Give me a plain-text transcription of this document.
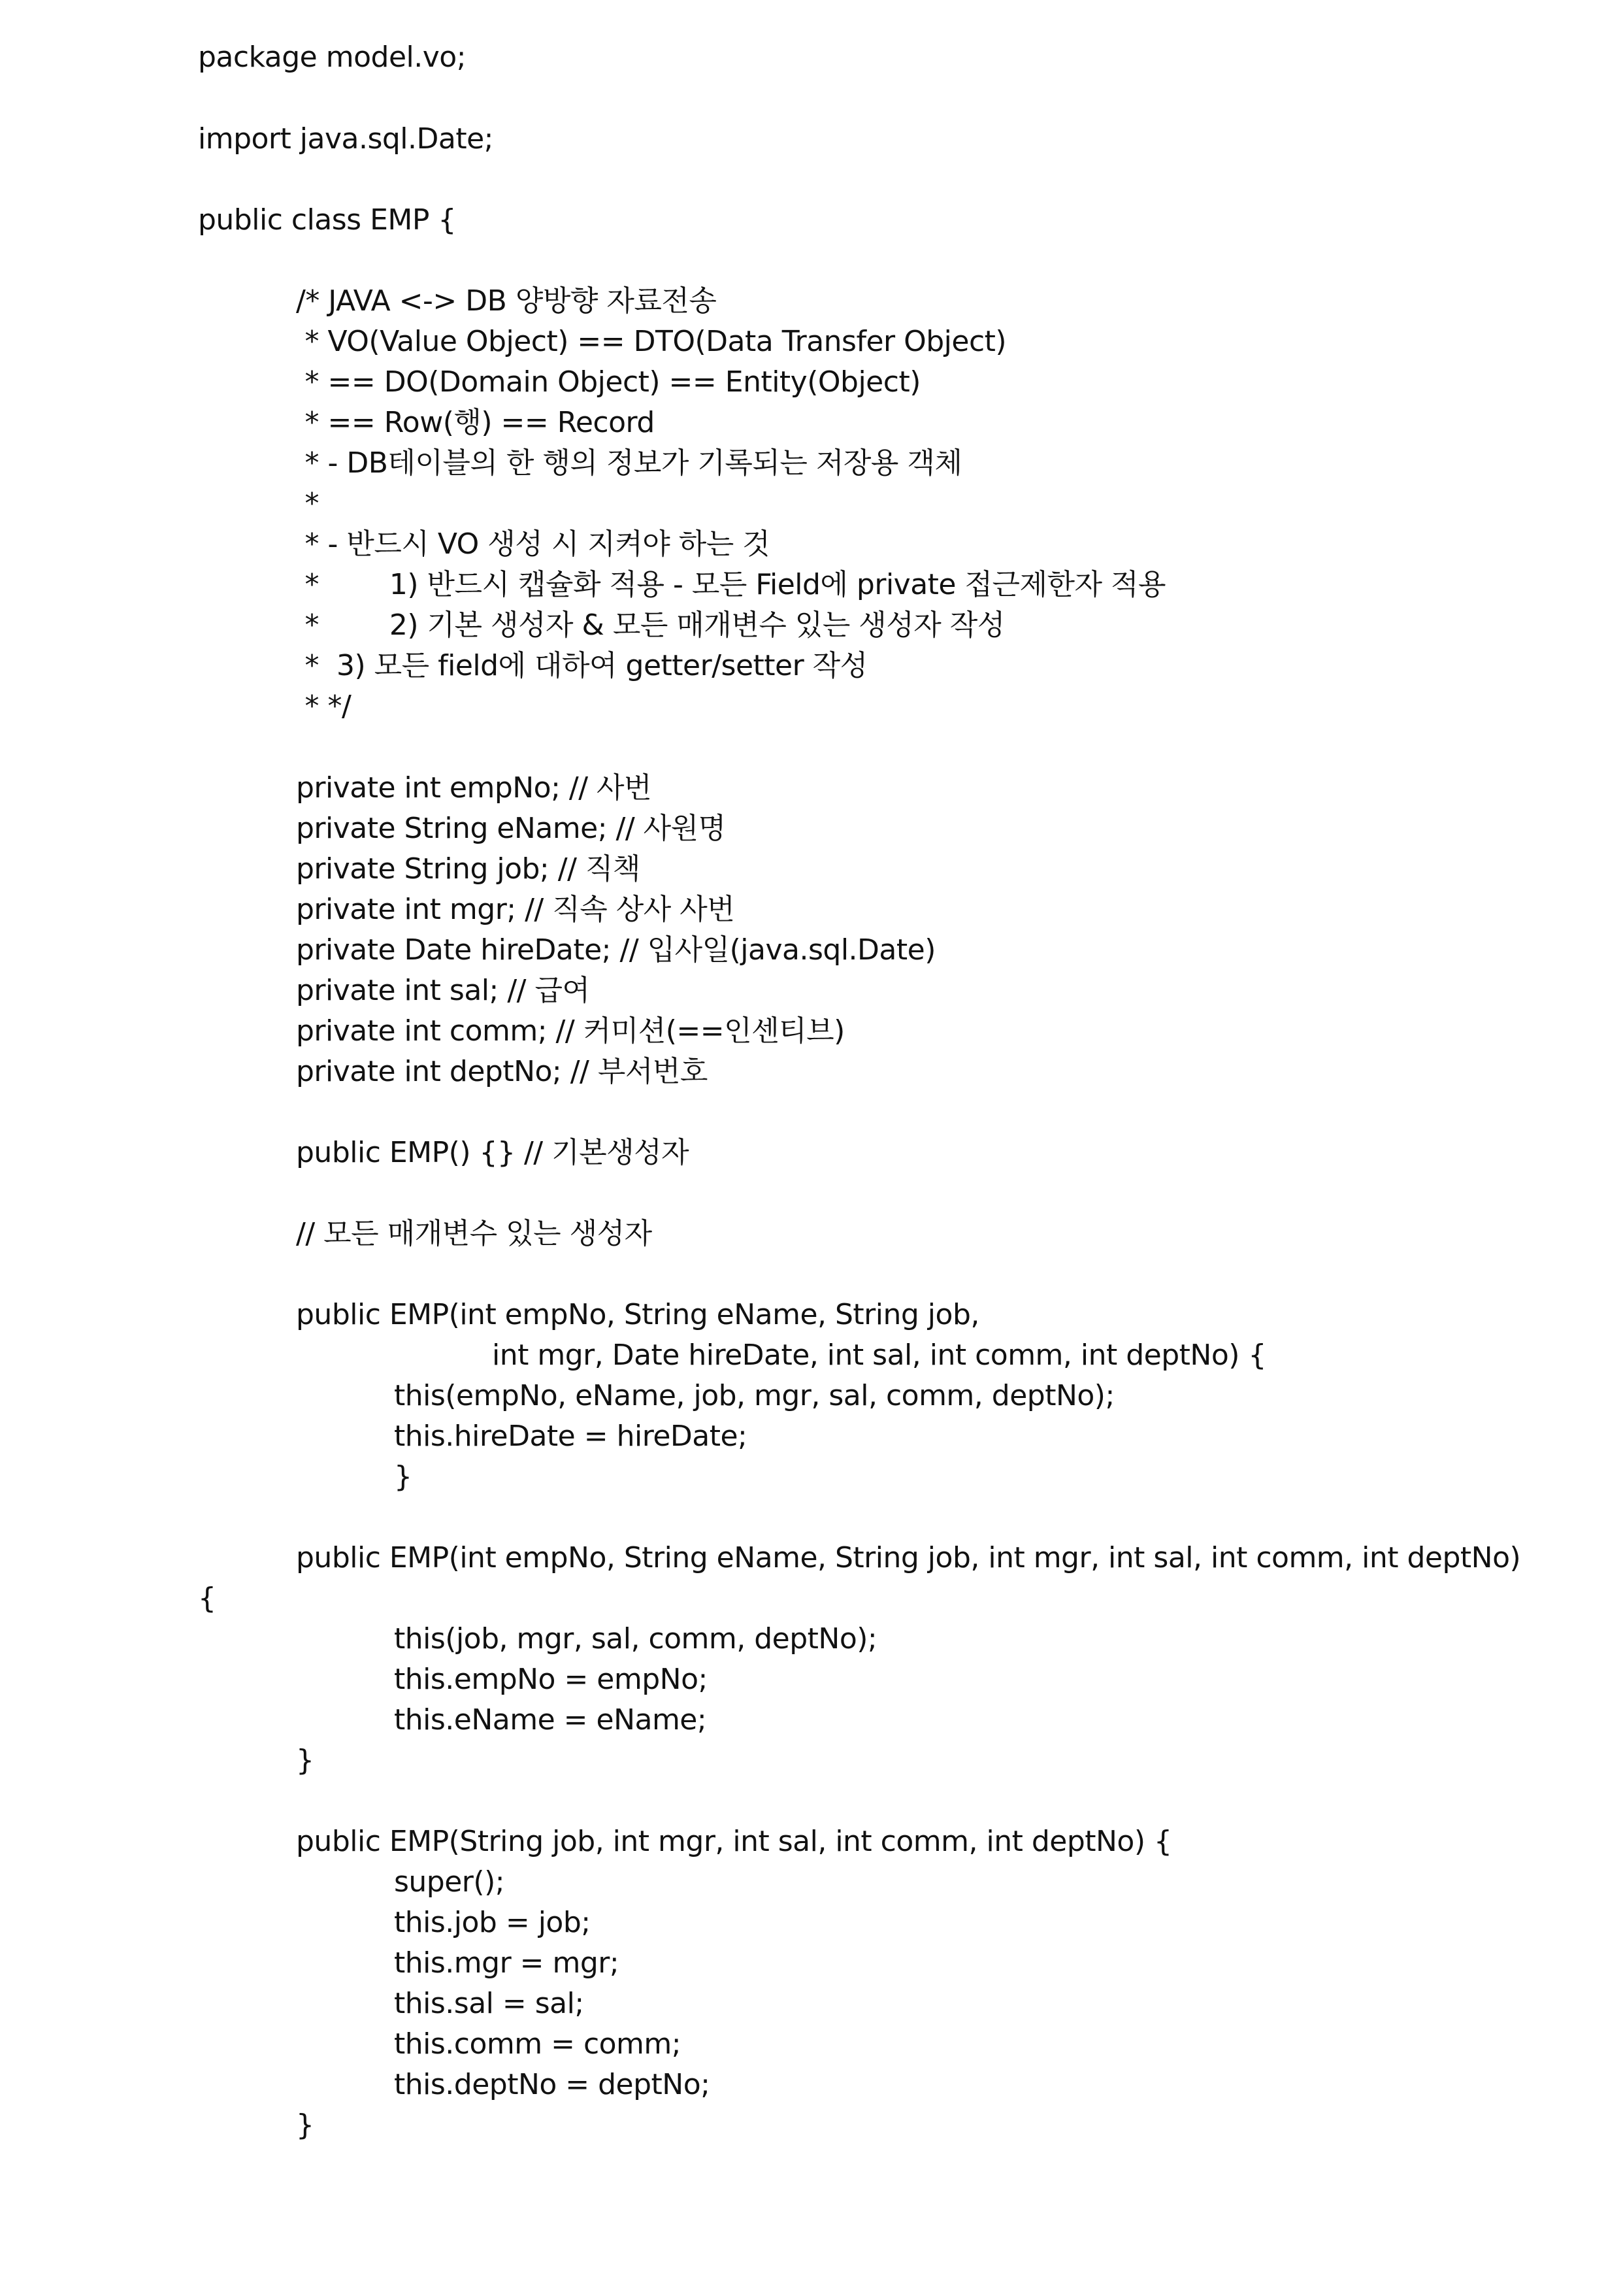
package model.vo;
import java.sql.Date;
public class EMP {
/* JAVA <-> DB 양방향 자료전송
* VO(Value Object) == DTO(Data Transfer Object)
* == DO(Domain Object) == Entity(Object)
* == Row(행) == Record
* - DB테이블의 한 행의 정보가 기록되는 저장용 객체
*
* - 반드시 VO 생성 시 지켜야 하는 것
*        1) 반드시 캡슐화 적용 - 모든 Field에 private 접근제한자 적용
*        2) 기본 생성자 & 모든 매개변수 있는 생성자 작성
*  3) 모든 field에 대하여 getter/setter 작성
* */
private int empNo; // 사번
private String eName; // 사원명
private String job; // 직책
private int mgr; // 직속 상사 사번
private Date hireDate; // 입사일(java.sql.Date)
private int sal; // 급여
private int comm; // 커미션(==인센티브)
private int deptNo; // 부서번호
public EMP() {} // 기본생성자
// 모든 매개변수 있는 생성자
public EMP(int empNo, String eName, String job,
int mgr, Date hireDate, int sal, int comm, int deptNo) {
this(empNo, eName, job, mgr, sal, comm, deptNo);
this.hireDate = hireDate;
}
public EMP(int empNo, String eName, String job, int mgr, int sal, int comm, int deptNo)
{
this(job, mgr, sal, comm, deptNo);
this.empNo = empNo;
this.eName = eName;
}
public EMP(String job, int mgr, int sal, int comm, int deptNo) {
super();
this.job = job;
this.mgr = mgr;
this.sal = sal;
this.comm = comm;
this.deptNo = deptNo;
}
